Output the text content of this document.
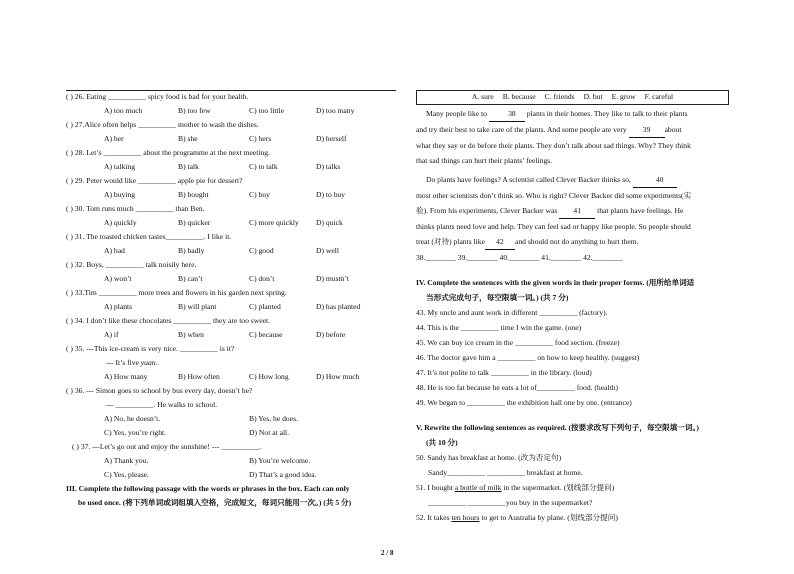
( ) 26. Eating __________ spicy food is bad for your health.
A) too much	B) too few	C) too little	D) too many
( ) 27.Alice often helps __________ mother to wash the dishes.
A) her	B) she	C) hers	D) herself
( ) 28. Let’s __________ about the programme at the next meeting.
A) talking	B) talk	C) to talk	D) talks
( ) 29. Peter would like __________ apple pie for dessert?
A) buying	B) bought	C) buy	D) to buy
( ) 30. Tom runs much __________ than Ben.
A) quickly	B) quicker	C) more quickly D) quick
( ) 31. The toasted chicken tastes__________. I like it.
A) bad	B) badly	C) good	D) well
( ) 32. Boys, __________ talk noisily here.
A) won’t	B) can’t	C) don’t	D) mustn’t
( ) 33.Tim __________ more trees and flowers in his garden next spring.
A) plants	B) will plant	C) planted	D) has planted
( ) 34. I don’t like these chocolates __________ they are too sweet.
A) if	B) when	C) because	D) before
( ) 35. ---This ice-cream is very nice. __________ is it?
--- It’s five yuan.
A) How many	B) How often	C) How long	D) How much
( ) 36. --- Simon goes to school by bus every day, doesn’t he?
--- __________. He walks to school.
A) No, he doesn’t.	B) Yes, he does.
C) Yes, you’re right.	D) Not at all.
( ) 37. ---Let’s go out and enjoy the sunshine! --- __________.
A) Thank you.	B) You’re welcome.
C) Yes, please.	D) That’s a good idea.
III. Complete the following passage with the words or phrases in the box. Each can only
be used once. (将下列单词或词组填入空格，完成短文，每词只能用一次。) (共 5 分)
A. sure B. because C. friends D. but E. grow F. careful
Many people like to	38 plants in their homes. They like to talk to their plants
and try their best to take care of the plants. And some people are very 39 about
what they say or do before their plants. They don’t talk about sad things. Why? They think
that sad things can hurt their plants’ feelings.
Do plants have feelings? A scientist called Clever Backer thinks so,	40
most other scientists don’t think so. Who is right? Clever Backer did some experiments(实
验). From his experiments, Clever Backer was 41 that plants have feelings. He
thinks plants need love and help. They can feel sad or happy like people. So people should
treat (对待) plants like 42 and should not do anything to hurt them.
38.________ 39.________ 40.________ 41.________ 42.________
IV. Complete the sentences with the given words in their proper forms. (用所给单词适
当形式完成句子，每空限填一词。) (共 7 分)
43. My uncle and aunt work in different __________ (factory).
44. This is the __________ time I win the game. (one)
45. We can buy ice cream in the __________ food section. (freeze)
46. The doctor gave him a __________ on how to keep healthy. (suggest)
47. It’s not polite to talk __________ in the library. (loud)
48. He is too fat because he eats a lot of__________ food. (health)
49. We began to __________ the exhibition hall one by one. (entrance)
V. Rewrite the following sentences as required. (按要求改写下列句子，每空限填一词。)
(共 10 分)
50. Sandy has breakfast at home. (改为否定句)
Sandy__________ __________ breakfast at home.
51. I bought a bottle of milk in the supermarket. (划线部分提问)
__________ __________you buy in the supermarket?
52. It takes ten hours to get to Australia by plane. (划线部分提问)
2 / 8
